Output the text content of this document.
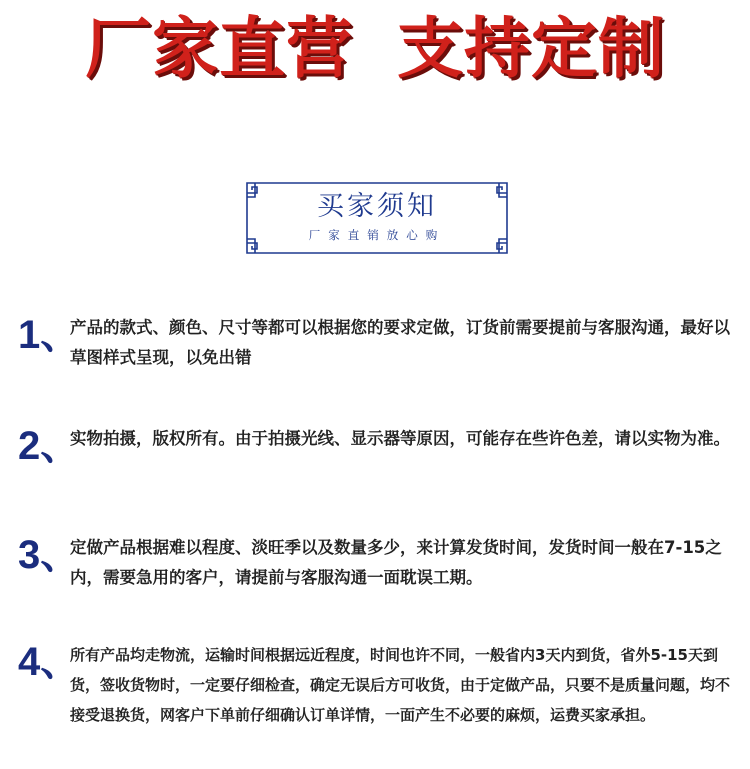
厂家直营 支持定制
买家须知
厂家直销放心购
1、
产品的款式、颜色、尺寸等都可以根据您的要求定做，订货前需要提前与客服沟通，最好以草图样式呈现，以免出错
2、
实物拍摄，版权所有。由于拍摄光线、显示器等原因，可能存在些许色差，请以实物为准。
3、
定做产品根据难以程度、淡旺季以及数量多少，来计算发货时间，发货时间一般在7-15之内，需要急用的客户，请提前与客服沟通一面耽误工期。
4、
所有产品均走物流，运输时间根据远近程度，时间也许不同，一般省内3天内到货，省外5-15天到货，签收货物时，一定要仔细检查，确定无误后方可收货，由于定做产品，只要不是质量问题，均不接受退换货，网客户下单前仔细确认订单详情，一面产生不必要的麻烦，运费买家承担。
